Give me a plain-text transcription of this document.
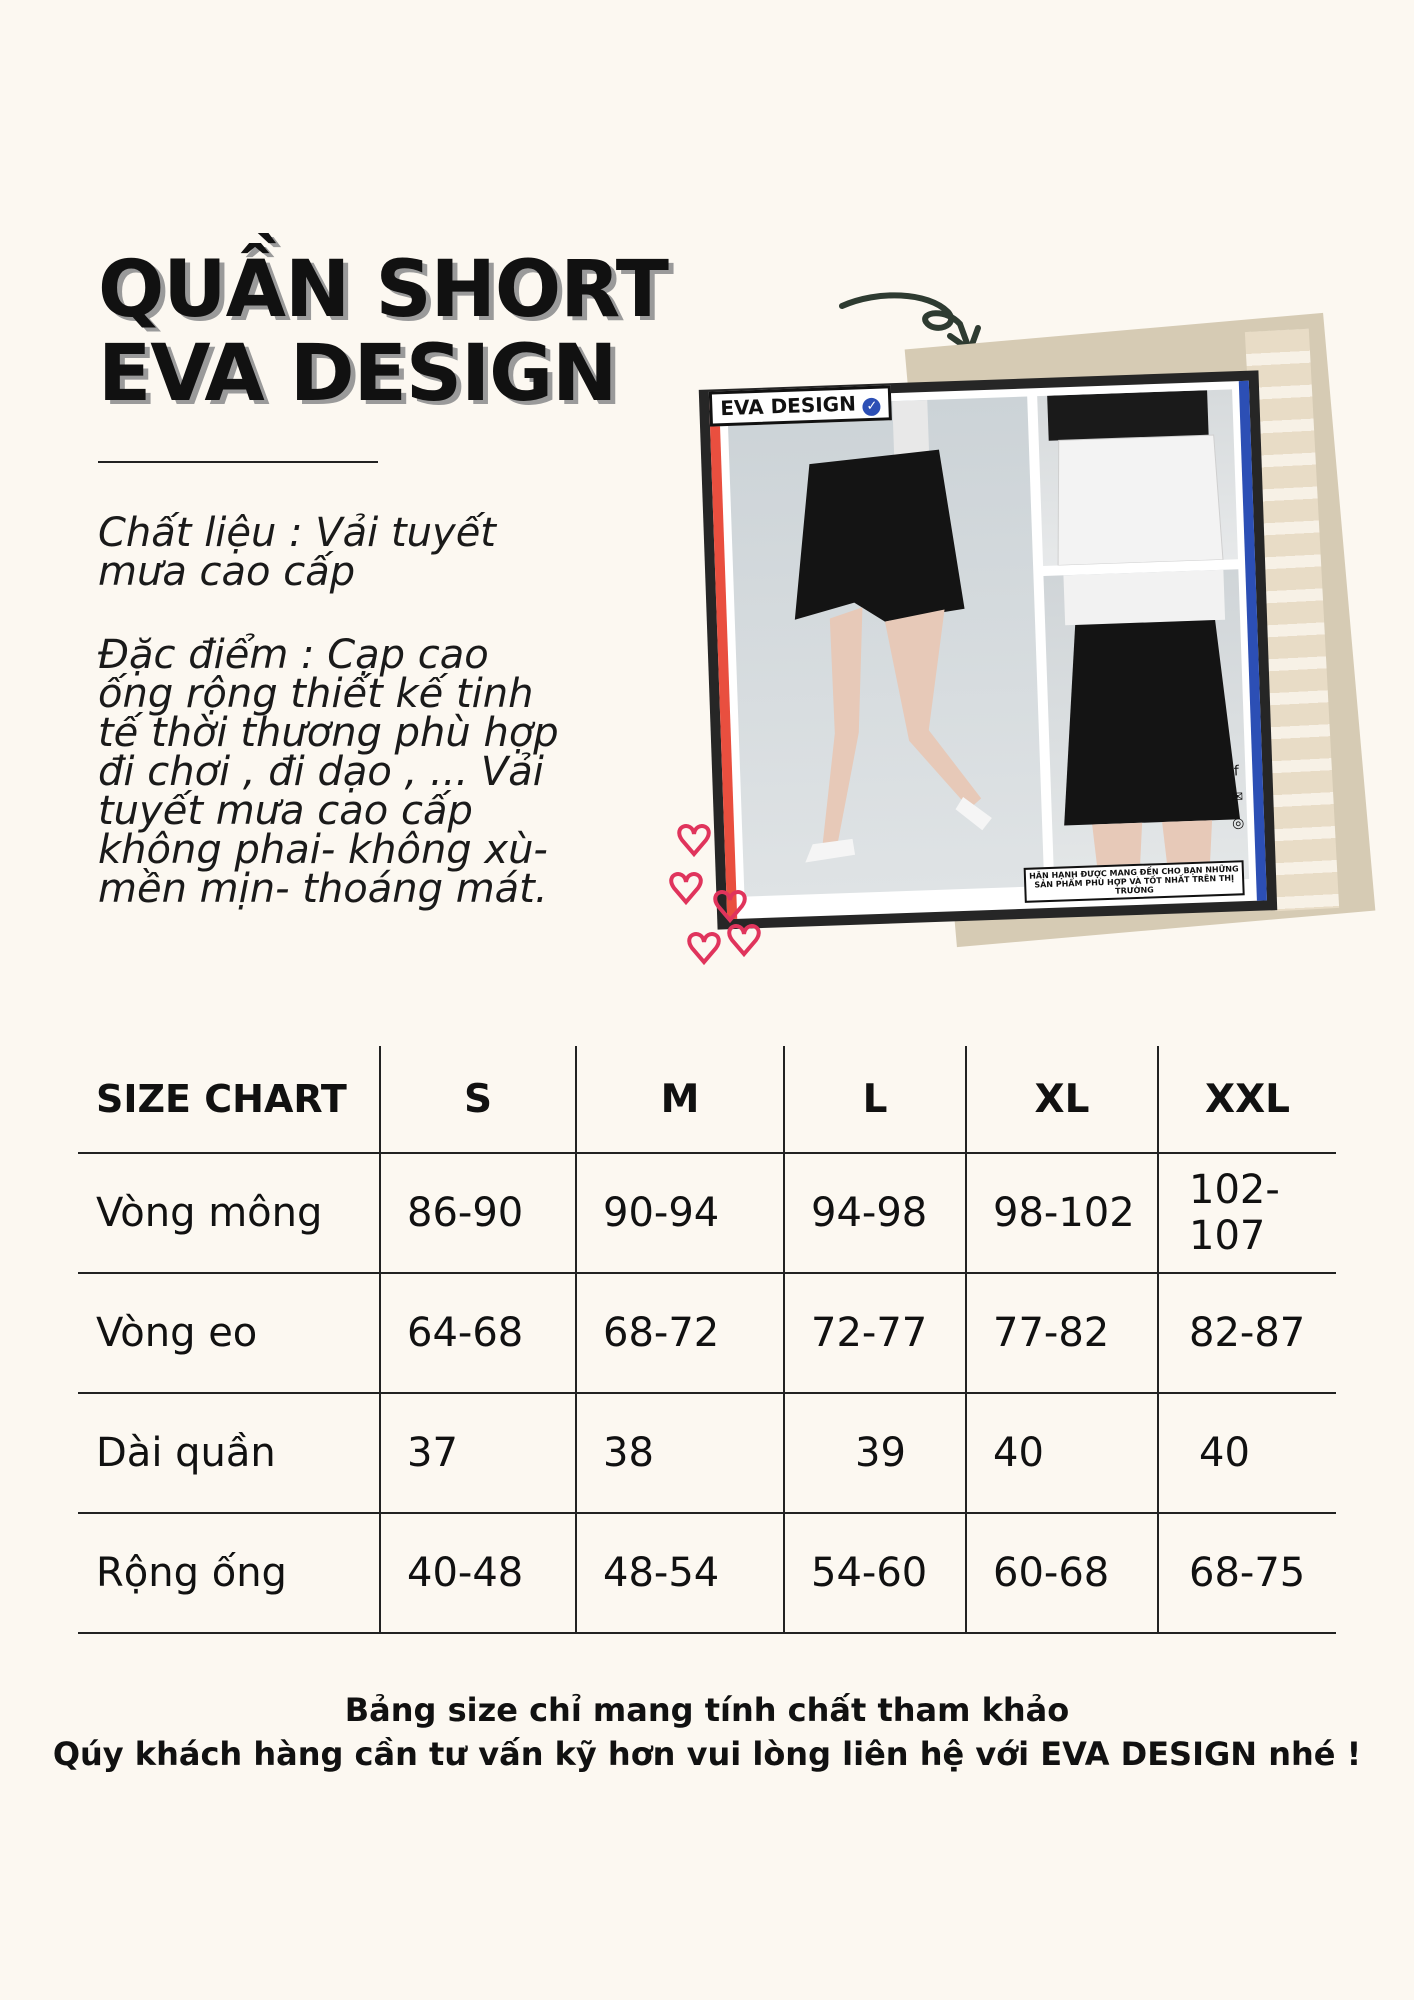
QUẦN SHORT
EVA DESIGN

Chất liệu : Vải tuyết mưa cao cấp

Đặc điểm : Cạp cao ống rộng thiết kế tinh tế thời thương phù hợp đi chơi , đi dạo , ... Vải tuyết mưa cao cấp không phai- không xù- mền mịn- thoáng mát.

f
✉
◎
HÂN HẠNH ĐƯỢC MANG ĐẾN CHO BẠN NHỮNG SẢN PHẨM PHÙ HỢP VÀ TỐT NHẤT TRÊN THỊ TRƯỜNG
EVA DESIGN ✓
SIZE CHART	S	M	L	XL	XXL
Vòng mông	86-90	90-94	94-98	98-102	102-107
Vòng eo	64-68	68-72	72-77	77-82	82-87
Dài quần	37	38	39	40	40
Rộng ống	40-48	48-54	54-60	60-68	68-75
Bảng size chỉ mang tính chất tham khảo
Qúy khách hàng cần tư vấn kỹ hơn vui lòng liên hệ với EVA DESIGN nhé !
